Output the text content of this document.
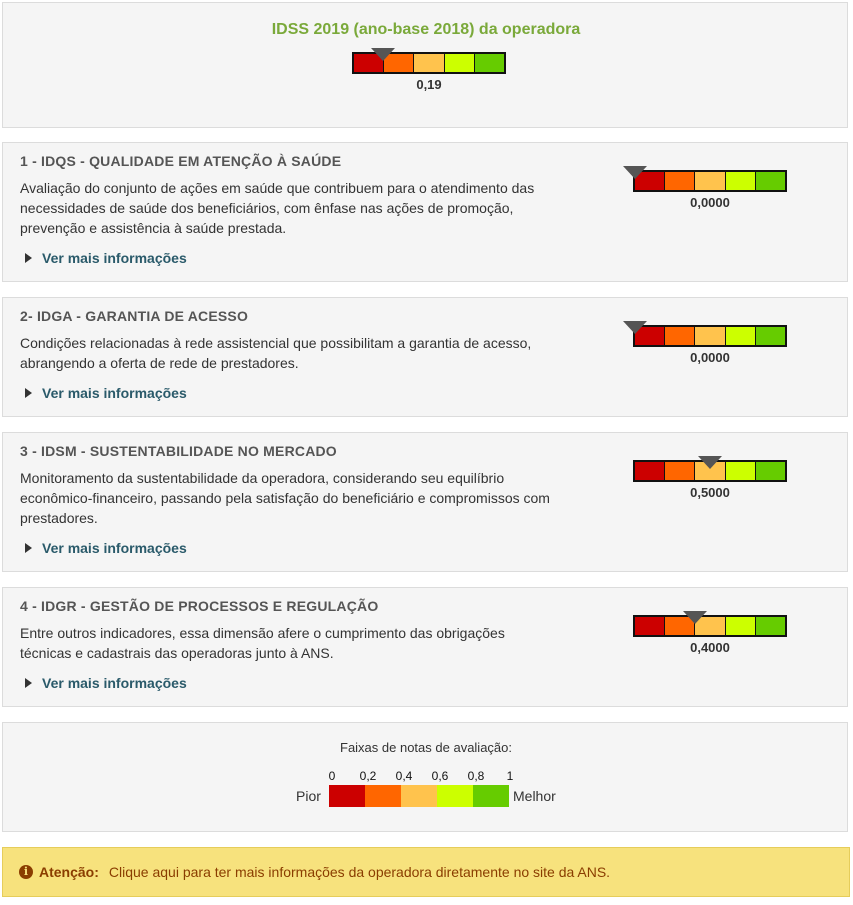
IDSS 2019 (ano-base 2018) da operadora
0,19
1 - IDQS - QUALIDADE EM ATENÇÃO À SAÚDE
Avaliação do conjunto de ações em saúde que contribuem para o atendimento das necessidades de saúde dos beneficiários, com ênfase nas ações de promoção, prevenção e assistência à saúde prestada.
Ver mais informações
0,0000
2- IDGA - GARANTIA DE ACESSO
Condições relacionadas à rede assistencial que possibilitam a garantia de acesso, abrangendo a oferta de rede de prestadores.
Ver mais informações
0,0000
3 - IDSM - SUSTENTABILIDADE NO MERCADO
Monitoramento da sustentabilidade da operadora, considerando seu equilíbrio econômico-financeiro, passando pela satisfação do beneficiário e compromissos com prestadores.
Ver mais informações
0,5000
4 - IDGR - GESTÃO DE PROCESSOS E REGULAÇÃO
Entre outros indicadores, essa dimensão afere o cumprimento das obrigações técnicas e cadastrais das operadoras junto à ANS.
Ver mais informações
0,4000
Faixas de notas de avaliação:
0 0,2 0,4 0,6 0,8 1
Pior	Melhor
i Atenção: Clique aqui para ter mais informações da operadora diretamente no site da ANS.
